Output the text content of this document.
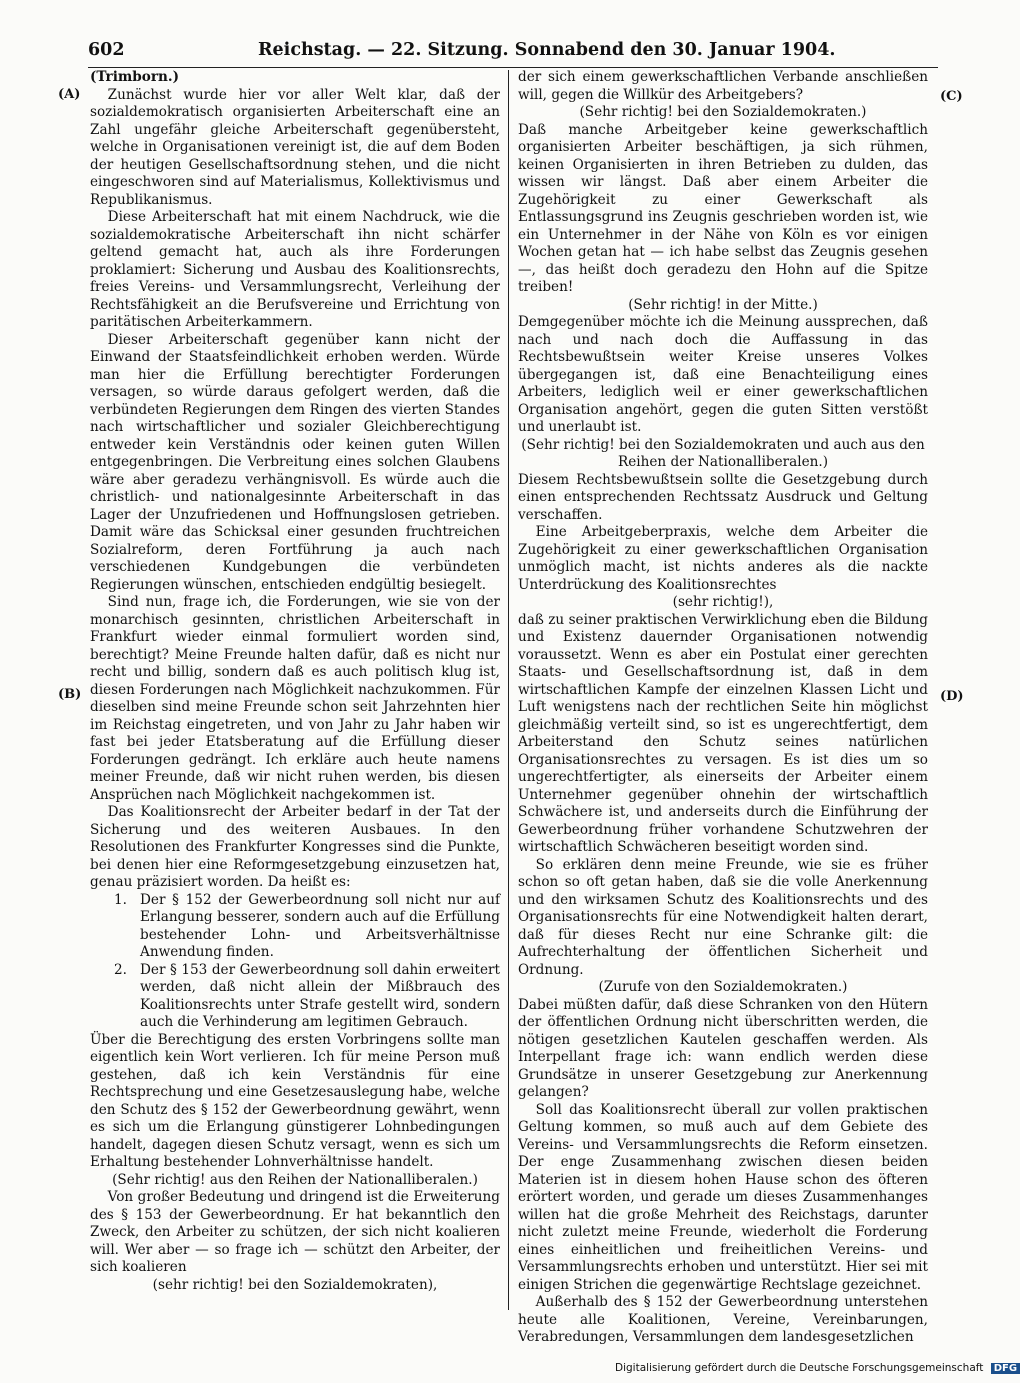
602	Reichstag. — 22. Sitzung. Sonnabend den 30. Januar 1904.
(A)
(B)
(C)
(D)

(Trimborn.)

Zunächst wurde hier vor aller Welt klar, daß der sozialdemokratisch organisierten Arbeiterschaft eine an Zahl ungefähr gleiche Arbeiterschaft gegenübersteht, welche in Organisationen vereinigt ist, die auf dem Boden der heutigen Gesellschaftsordnung stehen, und die nicht eingeschworen sind auf Materialismus, Kollektivismus und Republikanismus.

Diese Arbeiterschaft hat mit einem Nachdruck, wie die sozialdemokratische Arbeiterschaft ihn nicht schärfer geltend gemacht hat, auch als ihre Forderungen proklamiert: Sicherung und Ausbau des Koalitionsrechts, freies Vereins- und Versammlungsrecht, Verleihung der Rechtsfähigkeit an die Berufsvereine und Errichtung von paritätischen Arbeiterkammern.

Dieser Arbeiterschaft gegenüber kann nicht der Einwand der Staatsfeindlichkeit erhoben werden. Würde man hier die Erfüllung berechtigter Forderungen versagen, so würde daraus gefolgert werden, daß die verbündeten Regierungen dem Ringen des vierten Standes nach wirtschaftlicher und sozialer Gleichberechtigung entweder kein Verständnis oder keinen guten Willen entgegenbringen. Die Verbreitung eines solchen Glaubens wäre aber geradezu verhängnisvoll. Es würde auch die christlich- und nationalgesinnte Arbeiterschaft in das Lager der Unzufriedenen und Hoffnungslosen getrieben. Damit wäre das Schicksal einer gesunden fruchtreichen Sozialreform, deren Fortführung ja auch nach verschiedenen Kundgebungen die verbündeten Regierungen wünschen, entschieden endgültig besiegelt.

Sind nun, frage ich, die Forderungen, wie sie von der monarchisch gesinnten, christlichen Arbeiterschaft in Frankfurt wieder einmal formuliert worden sind, berechtigt? Meine Freunde halten dafür, daß es nicht nur recht und billig, sondern daß es auch politisch klug ist, diesen Forderungen nach Möglichkeit nachzukommen. Für dieselben sind meine Freunde schon seit Jahrzehnten hier im Reichstag eingetreten, und von Jahr zu Jahr haben wir fast bei jeder Etatsberatung auf die Erfüllung dieser Forderungen gedrängt. Ich erkläre auch heute namens meiner Freunde, daß wir nicht ruhen werden, bis diesen Ansprüchen nach Möglichkeit nachgekommen ist.

Das Koalitionsrecht der Arbeiter bedarf in der Tat der Sicherung und des weiteren Ausbaues. In den Resolutionen des Frankfurter Kongresses sind die Punkte, bei denen hier eine Reformgesetzgebung einzusetzen hat, genau präzisiert worden. Da heißt es:

1. Der § 152 der Gewerbeordnung soll nicht nur auf Erlangung besserer, sondern auch auf die Erfüllung bestehender Lohn- und Arbeitsverhältnisse Anwendung finden.
2. Der § 153 der Gewerbeordnung soll dahin erweitert werden, daß nicht allein der Mißbrauch des Koalitionsrechts unter Strafe gestellt wird, sondern auch die Verhinderung am legitimen Gebrauch.

Über die Berechtigung des ersten Vorbringens sollte man eigentlich kein Wort verlieren. Ich für meine Person muß gestehen, daß ich kein Verständnis für eine Rechtsprechung und eine Gesetzesauslegung habe, welche den Schutz des § 152 der Gewerbeordnung gewährt, wenn es sich um die Erlangung günstigerer Lohnbedingungen handelt, dagegen diesen Schutz versagt, wenn es sich um Erhaltung bestehender Lohnverhältnisse handelt.

(Sehr richtig! aus den Reihen der Nationalliberalen.)

Von großer Bedeutung und dringend ist die Erweiterung des § 153 der Gewerbeordnung. Er hat bekanntlich den Zweck, den Arbeiter zu schützen, der sich nicht koalieren will. Wer aber — so frage ich — schützt den Arbeiter, der sich koalieren

(sehr richtig! bei den Sozialdemokraten),

der sich einem gewerkschaftlichen Verbande anschließen will, gegen die Willkür des Arbeitgebers?

(Sehr richtig! bei den Sozialdemokraten.)

Daß manche Arbeitgeber keine gewerkschaftlich organisierten Arbeiter beschäftigen, ja sich rühmen, keinen Organisierten in ihren Betrieben zu dulden, das wissen wir längst. Daß aber einem Arbeiter die Zugehörigkeit zu einer Gewerkschaft als Entlassungsgrund ins Zeugnis geschrieben worden ist, wie ein Unternehmer in der Nähe von Köln es vor einigen Wochen getan hat — ich habe selbst das Zeugnis gesehen —, das heißt doch geradezu den Hohn auf die Spitze treiben!

(Sehr richtig! in der Mitte.)

Demgegenüber möchte ich die Meinung aussprechen, daß nach und nach doch die Auffassung in das Rechtsbewußtsein weiter Kreise unseres Volkes übergegangen ist, daß eine Benachteiligung eines Arbeiters, lediglich weil er einer gewerkschaftlichen Organisation angehört, gegen die guten Sitten verstößt und unerlaubt ist.

(Sehr richtig! bei den Sozialdemokraten und auch aus den Reihen der Nationalliberalen.)

Diesem Rechtsbewußtsein sollte die Gesetzgebung durch einen entsprechenden Rechtssatz Ausdruck und Geltung verschaffen.

Eine Arbeitgeberpraxis, welche dem Arbeiter die Zugehörigkeit zu einer gewerkschaftlichen Organisation unmöglich macht, ist nichts anderes als die nackte Unterdrückung des Koalitionsrechtes

(sehr richtig!),

daß zu seiner praktischen Verwirklichung eben die Bildung und Existenz dauernder Organisationen notwendig voraussetzt. Wenn es aber ein Postulat einer gerechten Staats- und Gesellschaftsordnung ist, daß in dem wirtschaftlichen Kampfe der einzelnen Klassen Licht und Luft wenigstens nach der rechtlichen Seite hin möglichst gleichmäßig verteilt sind, so ist es ungerechtfertigt, dem Arbeiterstand den Schutz seines natürlichen Organisationsrechtes zu versagen. Es ist dies um so ungerechtfertigter, als einerseits der Arbeiter einem Unternehmer gegenüber ohnehin der wirtschaftlich Schwächere ist, und anderseits durch die Einführung der Gewerbeordnung früher vorhandene Schutzwehren der wirtschaftlich Schwächeren beseitigt worden sind.

So erklären denn meine Freunde, wie sie es früher schon so oft getan haben, daß sie die volle Anerkennung und den wirksamen Schutz des Koalitionsrechts und des Organisationsrechts für eine Notwendigkeit halten derart, daß für dieses Recht nur eine Schranke gilt: die Aufrechterhaltung der öffentlichen Sicherheit und Ordnung.

(Zurufe von den Sozialdemokraten.)

Dabei müßten dafür, daß diese Schranken von den Hütern der öffentlichen Ordnung nicht überschritten werden, die nötigen gesetzlichen Kautelen geschaffen werden. Als Interpellant frage ich: wann endlich werden diese Grundsätze in unserer Gesetzgebung zur Anerkennung gelangen?

Soll das Koalitionsrecht überall zur vollen praktischen Geltung kommen, so muß auch auf dem Gebiete des Vereins- und Versammlungsrechts die Reform einsetzen. Der enge Zusammenhang zwischen diesen beiden Materien ist in diesem hohen Hause schon des öfteren erörtert worden, und gerade um dieses Zusammenhanges willen hat die große Mehrheit des Reichstags, darunter nicht zuletzt meine Freunde, wiederholt die Forderung eines einheitlichen und freiheitlichen Vereins- und Versammlungsrechts erhoben und unterstützt. Hier sei mit einigen Strichen die gegenwärtige Rechtslage gezeichnet.

Außerhalb des § 152 der Gewerbeordnung unterstehen heute alle Koalitionen, Vereine, Vereinbarungen, Verabredungen, Versammlungen dem landesgesetzlichen

Digitalisierung gefördert durch die Deutsche Forschungsgemeinschaft DFG
